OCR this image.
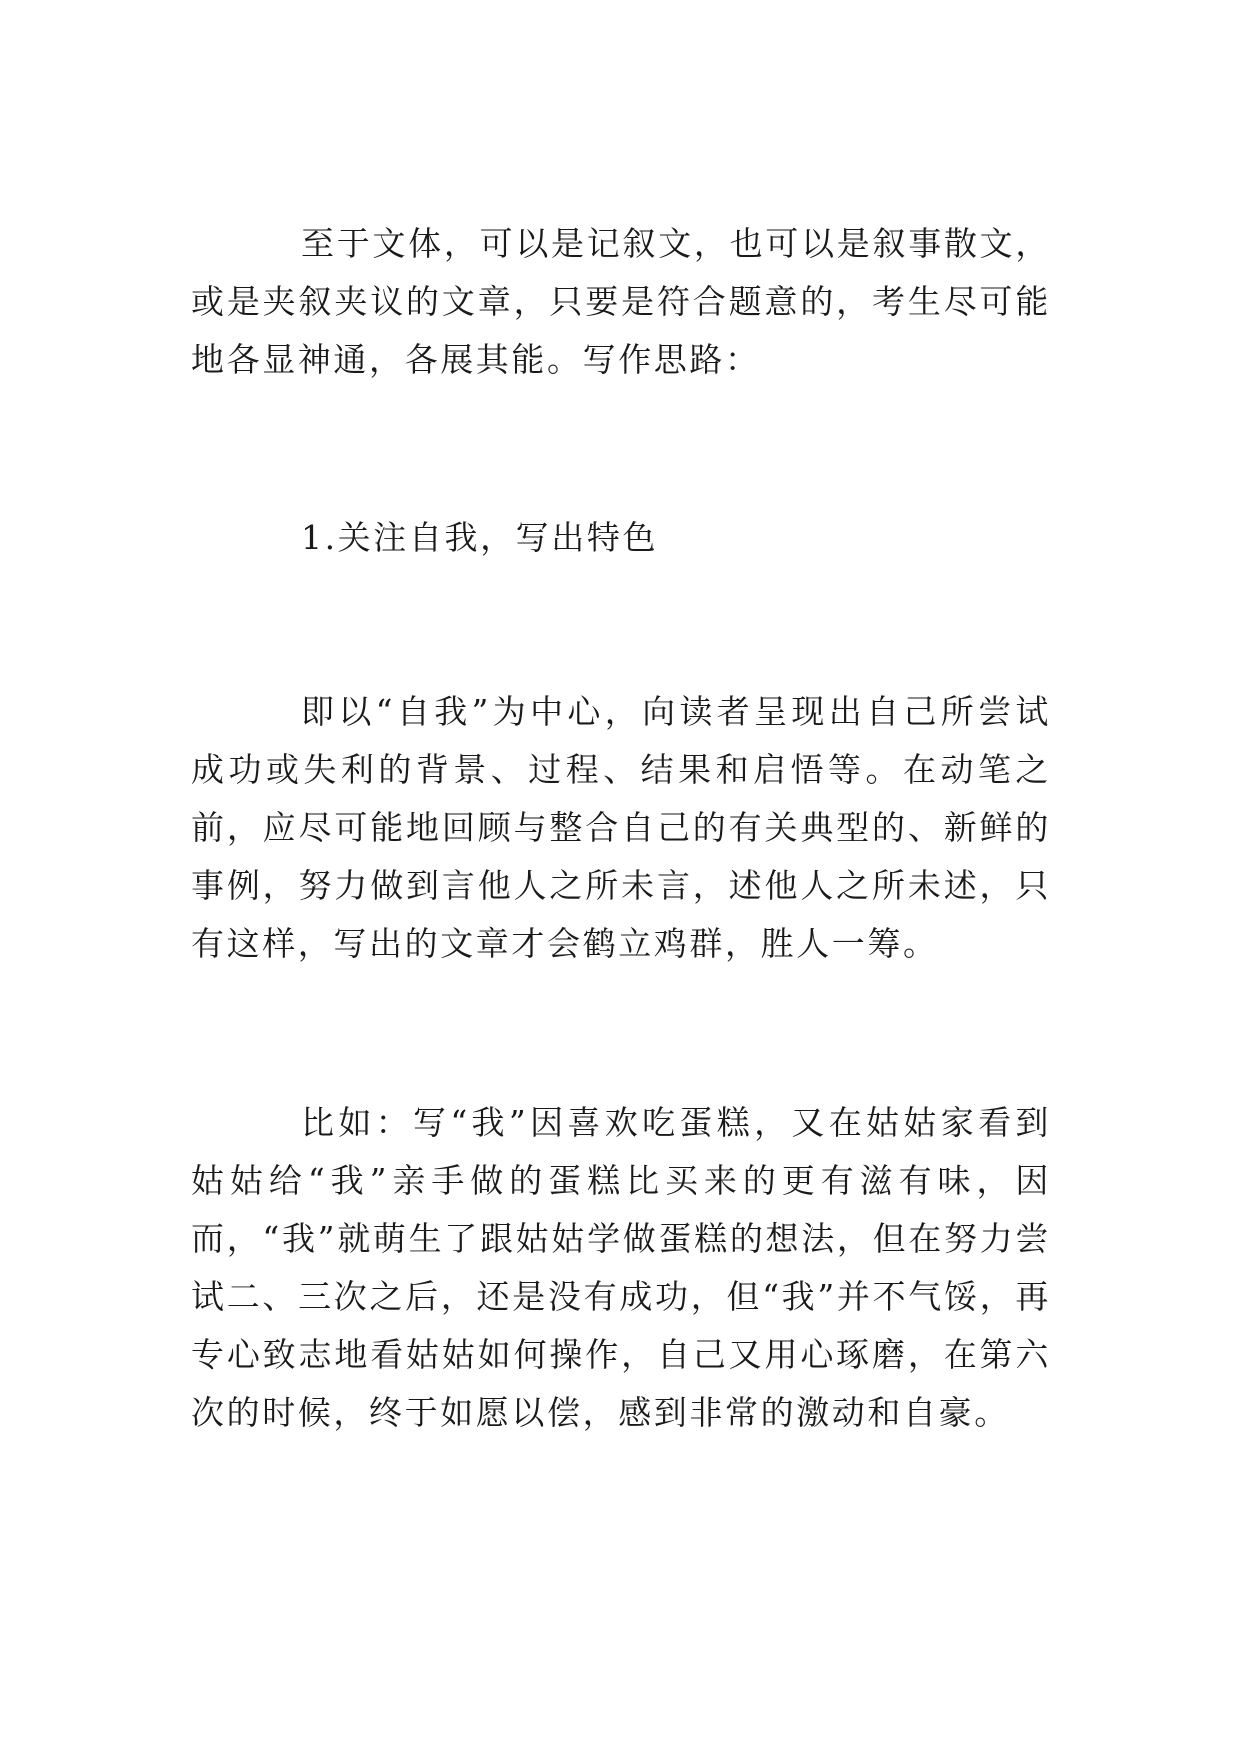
至于文体，可以是记叙文，也可以是叙事散文，或是夹叙夹议的文章，只要是符合题意的，考生尽可能地各显神通，各展其能。写作思路：

1.关注自我，写出特色

即以“自我”为中心，向读者呈现出自己所尝试成功或失利的背景、过程、结果和启悟等。在动笔之前，应尽可能地回顾与整合自己的有关典型的、新鲜的事例，努力做到言他人之所未言，述他人之所未述，只有这样，写出的文章才会鹤立鸡群，胜人一筹。

比如：写“我”因喜欢吃蛋糕，又在姑姑家看到姑姑给“我”亲手做的蛋糕比买来的更有滋有味，因而，“我”就萌生了跟姑姑学做蛋糕的想法，但在努力尝试二、三次之后，还是没有成功，但“我”并不气馁，再专心致志地看姑姑如何操作，自己又用心琢磨，在第六次的时候，终于如愿以偿，感到非常的激动和自豪。
